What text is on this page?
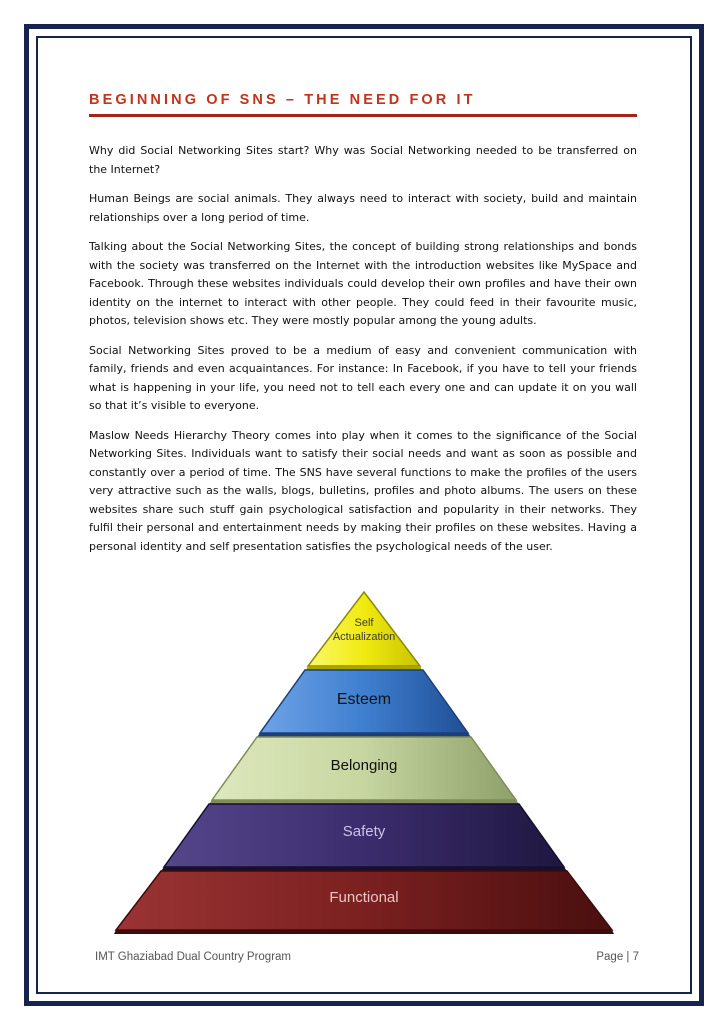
BEGINNING OF SNS – THE NEED FOR IT

Why did Social Networking Sites start? Why was Social Networking needed to be transferred on the Internet?

Human Beings are social animals. They always need to interact with society, build and maintain relationships over a long period of time.

Talking about the Social Networking Sites, the concept of building strong relationships and bonds with the society was transferred on the Internet with the introduction websites like MySpace and Facebook. Through these websites individuals could develop their own profiles and have their own identity on the internet to interact with other people. They could feed in their favourite music, photos, television shows etc. They were mostly popular among the young adults.

Social Networking Sites proved to be a medium of easy and convenient communication with family, friends and even acquaintances. For instance: In Facebook, if you have to tell your friends what is happening in your life, you need not to tell each every one and can update it on you wall so that it’s visible to everyone.

Maslow Needs Hierarchy Theory comes into play when it comes to the significance of the Social Networking Sites. Individuals want to satisfy their social needs and want as soon as possible and constantly over a period of time. The SNS have several functions to make the profiles of the users very attractive such as the walls, blogs, bulletins, profiles and photo albums. The users on these websites share such stuff gain psychological satisfaction and popularity in their networks. They fulfil their personal and entertainment needs by making their profiles on these websites. Having a personal identity and self presentation satisfies the psychological needs of the user.

Self
Actualization
Esteem
Belonging
Safety
Functional
IMT Ghaziabad Dual Country Program	Page | 7
